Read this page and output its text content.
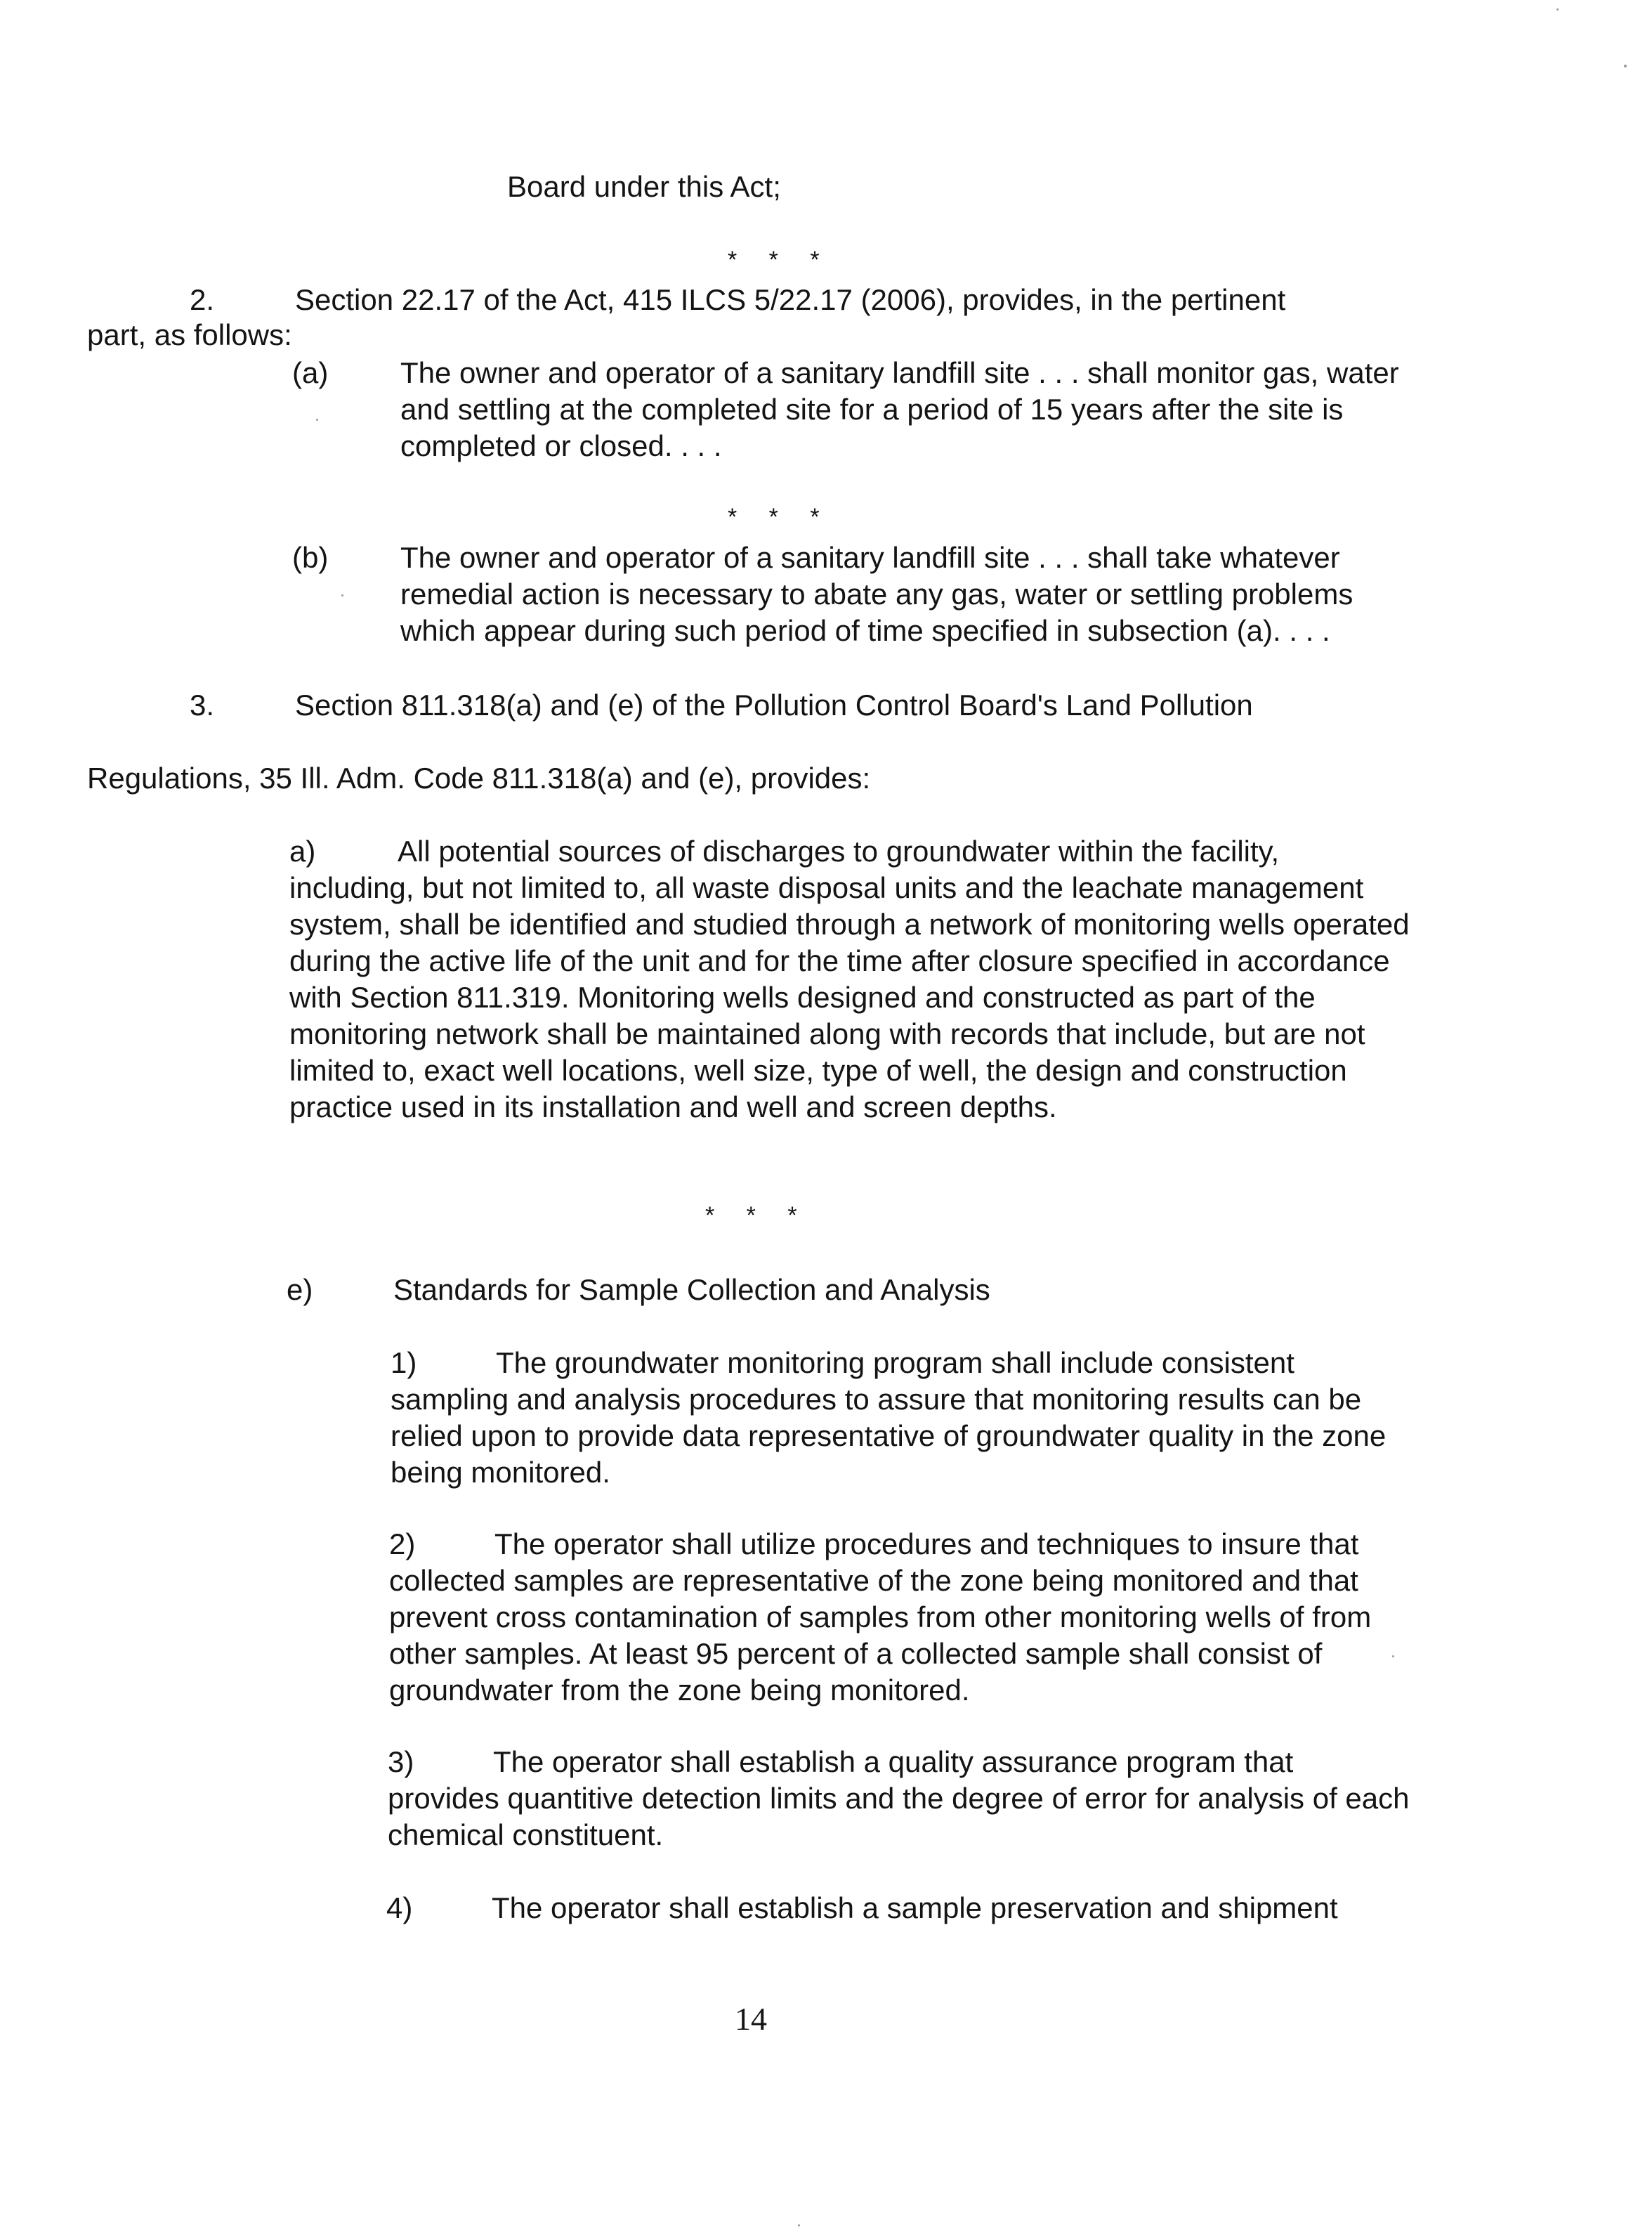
Board under this Act;
* * *
2.	Section 22.17 of the Act, 415 ILCS 5/22.17 (2006), provides, in the pertinent
part, as follows:
(a) The owner and operator of a sanitary landfill site . . . shall monitor gas, water and settling at the completed site for a period of 15 years after the site is completed or closed. . . .
* * *
(b) The owner and operator of a sanitary landfill site . . . shall take whatever remedial action is necessary to abate any gas, water or settling problems which appear during such period of time specified in subsection (a). . . .
3.	Section 811.318(a) and (e) of the Pollution Control Board's Land Pollution
Regulations, 35 Ill. Adm. Code 811.318(a) and (e), provides:
a)	All potential sources of discharges to groundwater within the facility,
including, but not limited to, all waste disposal units and the leachate management system, shall be identified and studied through a network of monitoring wells operated during the active life of the unit and for the time after closure specified in accordance with Section 811.319. Monitoring wells designed and constructed as part of the monitoring network shall be maintained along with records that include, but are not limited to, exact well locations, well size, type of well, the design and construction practice used in its installation and well and screen depths.
* * *
e)	Standards for Sample Collection and Analysis
1)	The groundwater monitoring program shall include consistent
sampling and analysis procedures to assure that monitoring results can be relied upon to provide data representative of groundwater quality in the zone being monitored.
2)	The operator shall utilize procedures and techniques to insure that
collected samples are representative of the zone being monitored and that prevent cross contamination of samples from other monitoring wells of from other samples. At least 95 percent of a collected sample shall consist of groundwater from the zone being monitored.
3)	The operator shall establish a quality assurance program that
provides quantitive detection limits and the degree of error for analysis of each chemical constituent.
4)	The operator shall establish a sample preservation and shipment
14
